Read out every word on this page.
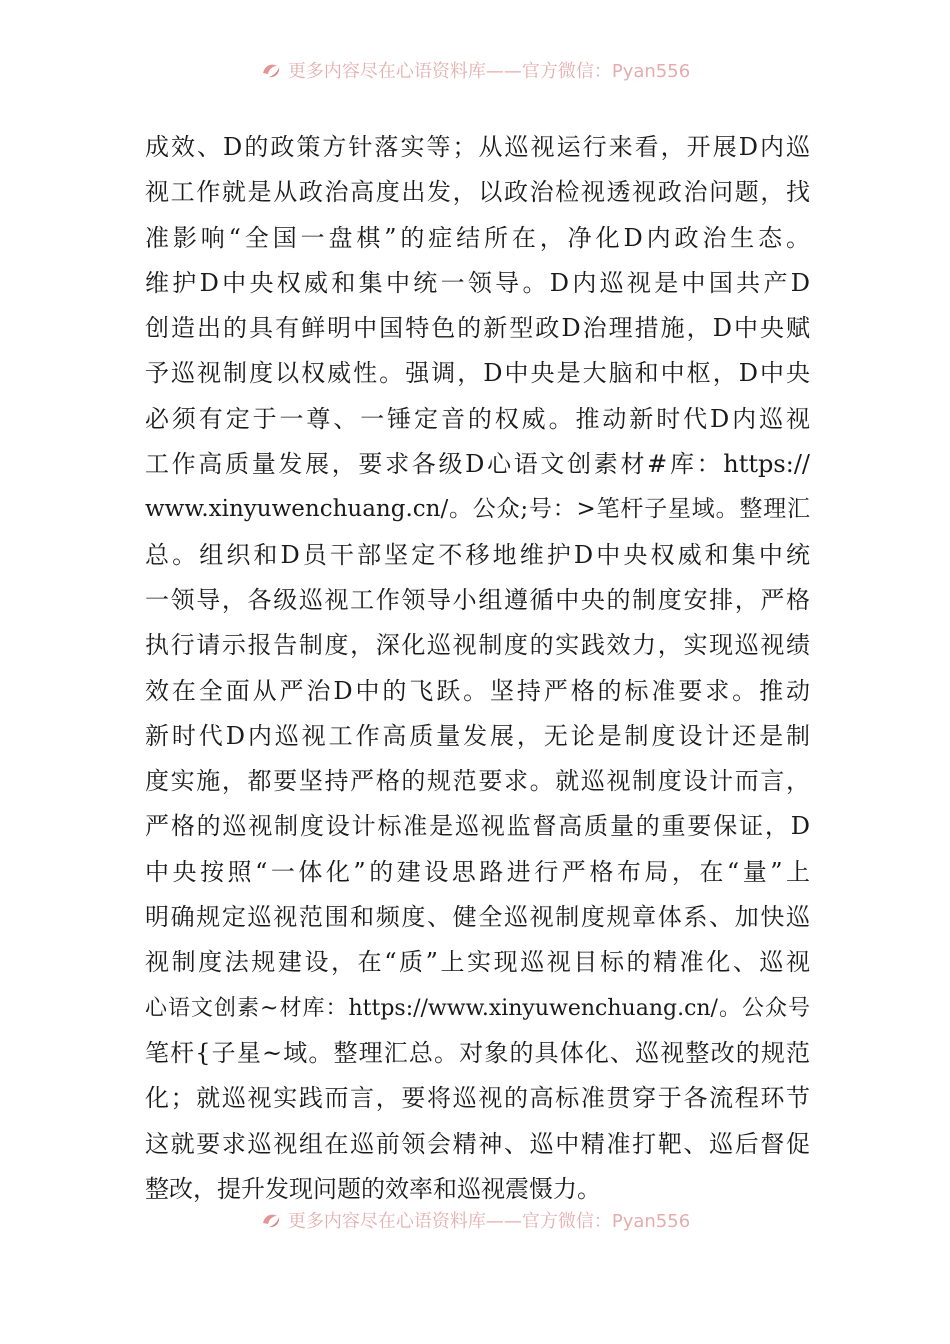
更多内容尽在心语资料库——官方微信：Pyan556
成效、D的政策方针落实等；从巡视运行来看，开展D内巡
视工作就是从政治高度出发，以政治检视透视政治问题，找
准影响“全国一盘棋”的症结所在，净化D内政治生态。
维护D中央权威和集中统一领导。D内巡视是中国共产D
创造出的具有鲜明中国特色的新型政D治理措施，D中央赋
予巡视制度以权威性。强调，D中央是大脑和中枢，D中央
必须有定于一尊、一锤定音的权威。推动新时代D内巡视
工作高质量发展，要求各级D心语文创素材#库：https://
www.xinyuwenchuang.cn/。公众;号：>笔杆子星域。整理汇
总。组织和D员干部坚定不移地维护D中央权威和集中统
一领导，各级巡视工作领导小组遵循中央的制度安排，严格
执行请示报告制度，深化巡视制度的实践效力，实现巡视绩
效在全面从严治D中的飞跃。坚持严格的标准要求。推动
新时代D内巡视工作高质量发展，无论是制度设计还是制
度实施，都要坚持严格的规范要求。就巡视制度设计而言，
严格的巡视制度设计标准是巡视监督高质量的重要保证，D
中央按照“一体化”的建设思路进行严格布局，在“量”上
明确规定巡视范围和频度、健全巡视制度规章体系、加快巡
视制度法规建设，在“质”上实现巡视目标的精准化、巡视
心语文创素~材库：https://www.xinyuwenchuang.cn/。公众号
笔杆{子星~域。整理汇总。对象的具体化、巡视整改的规范
化；就巡视实践而言，要将巡视的高标准贯穿于各流程环节
这就要求巡视组在巡前领会精神、巡中精准打靶、巡后督促
整改，提升发现问题的效率和巡视震慑力。
更多内容尽在心语资料库——官方微信：Pyan556
